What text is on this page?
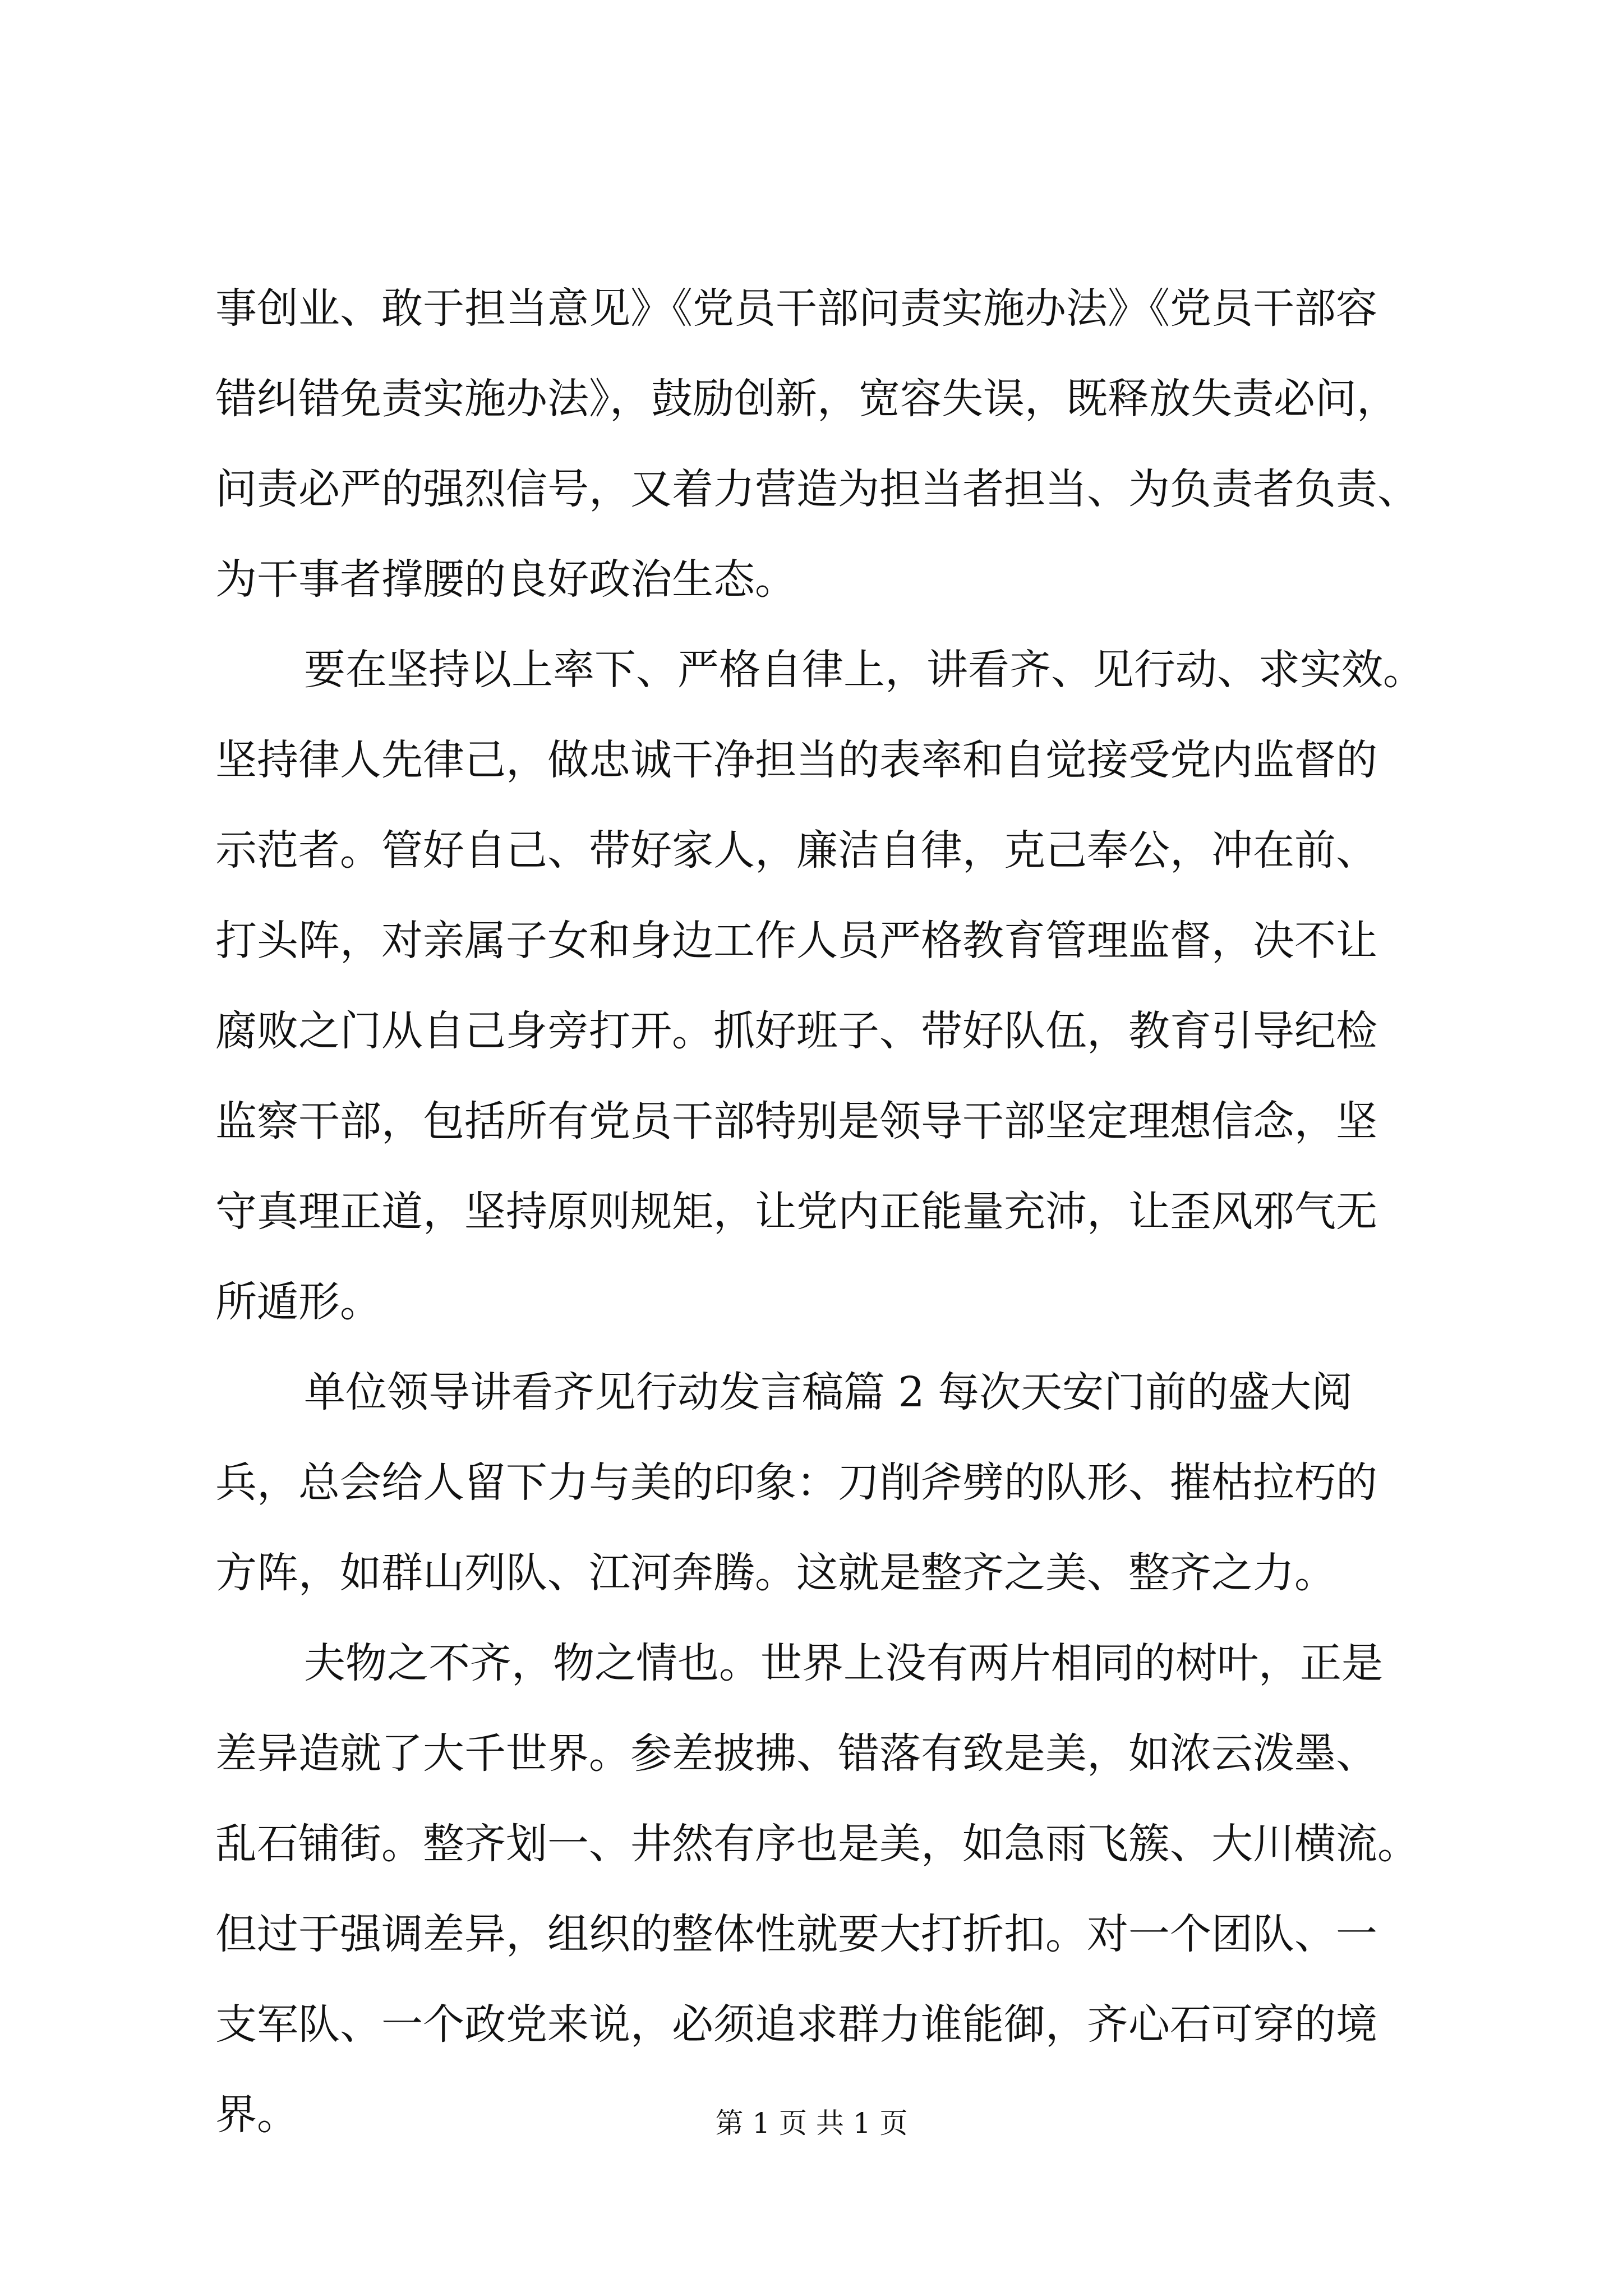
事创业、敢于担当意见》《党员干部问责实施办法》《党员干部容
错纠错免责实施办法》，鼓励创新，宽容失误，既释放失责必问，
问责必严的强烈信号，又着力营造为担当者担当、为负责者负责、
为干事者撑腰的良好政治生态。
要在坚持以上率下、严格自律上，讲看齐、见行动、求实效。
坚持律人先律己，做忠诚干净担当的表率和自觉接受党内监督的
示范者。管好自己、带好家人，廉洁自律，克己奉公，冲在前、
打头阵，对亲属子女和身边工作人员严格教育管理监督，决不让
腐败之门从自己身旁打开。抓好班子、带好队伍，教育引导纪检
监察干部，包括所有党员干部特别是领导干部坚定理想信念，坚
守真理正道，坚持原则规矩，让党内正能量充沛，让歪风邪气无
所遁形。
单位领导讲看齐见行动发言稿篇 2 每次天安门前的盛大阅
兵，总会给人留下力与美的印象：刀削斧劈的队形、摧枯拉朽的
方阵，如群山列队、江河奔腾。这就是整齐之美、整齐之力。
夫物之不齐，物之情也。世界上没有两片相同的树叶，正是
差异造就了大千世界。参差披拂、错落有致是美，如浓云泼墨、
乱石铺街。整齐划一、井然有序也是美，如急雨飞簇、大川横流。
但过于强调差异，组织的整体性就要大打折扣。对一个团队、一
支军队、一个政党来说，必须追求群力谁能御，齐心石可穿的境
界。	第 1 页 共 1 页
